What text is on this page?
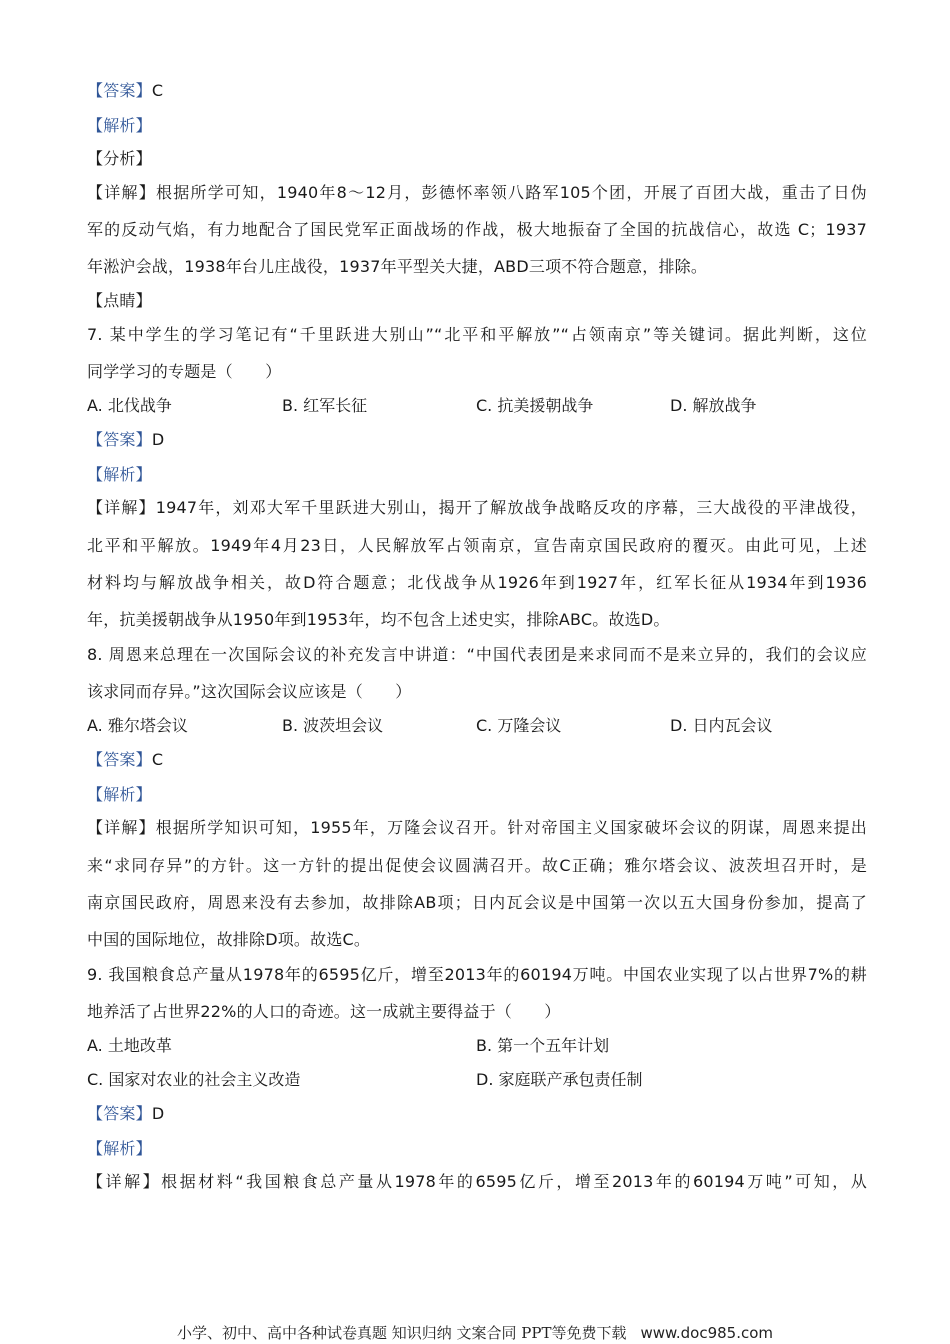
【答案】C
【解析】
【分析】
【详解】根据所学可知，1940年8～12月，彭德怀率领八路军105个团，开展了百团大战，重击了日伪
军的反动气焰，有力地配合了国民党军正面战场的作战，极大地振奋了全国的抗战信心，故选 C；1937
年淞沪会战，1938年台儿庄战役，1937年平型关大捷，ABD三项不符合题意，排除。
【点睛】
7. 某中学生的学习笔记有“千里跃进大别山”“北平和平解放”“占领南京”等关键词。据此判断，这位
同学学习的专题是（　　）
A. 北伐战争	B. 红军长征	C. 抗美援朝战争	D. 解放战争
【答案】D
【解析】
【详解】1947年，刘邓大军千里跃进大别山，揭开了解放战争战略反攻的序幕，三大战役的平津战役，
北平和平解放。1949年4月23日，人民解放军占领南京，宣告南京国民政府的覆灭。由此可见，上述
材料均与解放战争相关，故D符合题意；北伐战争从1926年到1927年，红军长征从1934年到1936
年，抗美援朝战争从1950年到1953年，均不包含上述史实，排除ABC。故选D。
8. 周恩来总理在一次国际会议的补充发言中讲道：“中国代表团是来求同而不是来立异的，我们的会议应
该求同而存异。”这次国际会议应该是（　　）
A. 雅尔塔会议	B. 波茨坦会议	C. 万隆会议	D. 日内瓦会议
【答案】C
【解析】
【详解】根据所学知识可知，1955年，万隆会议召开。针对帝国主义国家破坏会议的阴谋，周恩来提出
来“求同存异”的方针。这一方针的提出促使会议圆满召开。故C正确；雅尔塔会议、波茨坦召开时，是
南京国民政府，周恩来没有去参加，故排除AB项；日内瓦会议是中国第一次以五大国身份参加，提高了
中国的国际地位，故排除D项。故选C。
9. 我国粮食总产量从1978年的6595亿斤，增至2013年的60194万吨。中国农业实现了以占世界7%的耕
地养活了占世界22%的人口的奇迹。这一成就主要得益于（　　）
A. 土地改革	B. 第一个五年计划
C. 国家对农业的社会主义改造	D. 家庭联产承包责任制
【答案】D
【解析】
【详解】根据材料“我国粮食总产量从1978年的6595亿斤，增至2013年的60194万吨”可知，从
小学、初中、高中各种试卷真题 知识归纳 文案合同 PPT等免费下载 www.doc985.com
